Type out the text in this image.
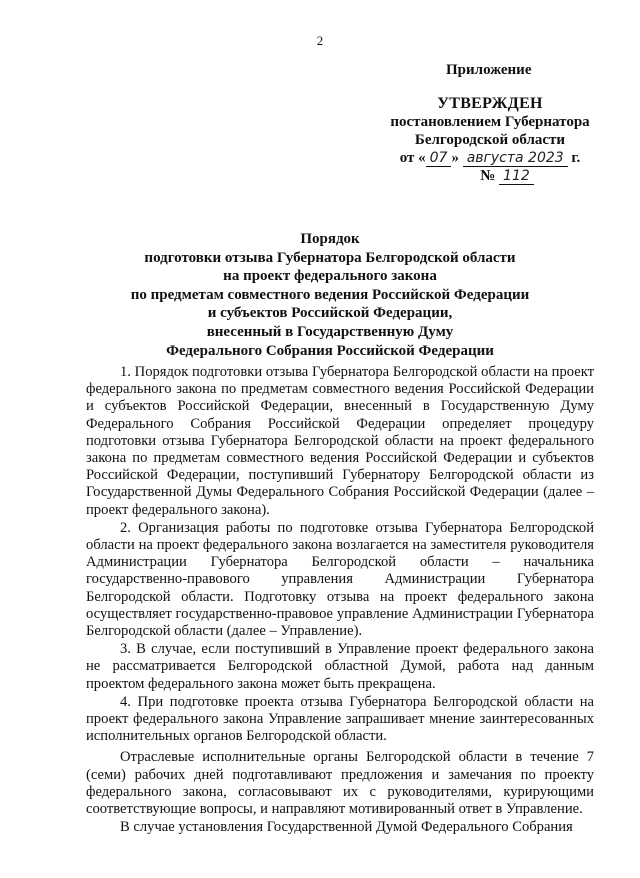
2
Приложение
УТВЕРЖДЕН
постановлением Губернатора
Белгородской области
от « 07 » августа 2023 г.
№ 112
Порядок
подготовки отзыва Губернатора Белгородской области
на проект федерального закона
по предметам совместного ведения Российской Федерации
и субъектов Российской Федерации,
внесенный в Государственную Думу
Федерального Собрания Российской Федерации

1. Порядок подготовки отзыва Губернатора Белгородской области на проект федерального закона по предметам совместного ведения Российской Федерации и субъектов Российской Федерации, внесенный в Государственную Думу Федерального Собрания Российской Федерации определяет процедуру подготовки отзыва Губернатора Белгородской области на проект федерального закона по предметам совместного ведения Российской Федерации и субъектов Российской Федерации, поступивший Губернатору Белгородской области из Государственной Думы Федерального Собрания Российской Федерации (далее – проект федерального закона).

2. Организация работы по подготовке отзыва Губернатора Белгородской области на проект федерального закона возлагается на заместителя руководителя Администрации Губернатора Белгородской области – начальника государственно-правового управления Администрации Губернатора Белгородской области. Подготовку отзыва на проект федерального закона осуществляет государственно-правовое управление Администрации Губернатора Белгородской области (далее – Управление).

3. В случае, если поступивший в Управление проект федерального закона не рассматривается Белгородской областной Думой, работа над данным проектом федерального закона может быть прекращена.

4. При подготовке проекта отзыва Губернатора Белгородской области на проект федерального закона Управление запрашивает мнение заинтересованных исполнительных органов Белгородской области.

Отраслевые исполнительные органы Белгородской области в течение 7 (семи) рабочих дней подготавливают предложения и замечания по проекту федерального закона, согласовывают их с руководителями, курирующими соответствующие вопросы, и направляют мотивированный ответ в Управление.

В случае установления Государственной Думой Федерального Собрания
